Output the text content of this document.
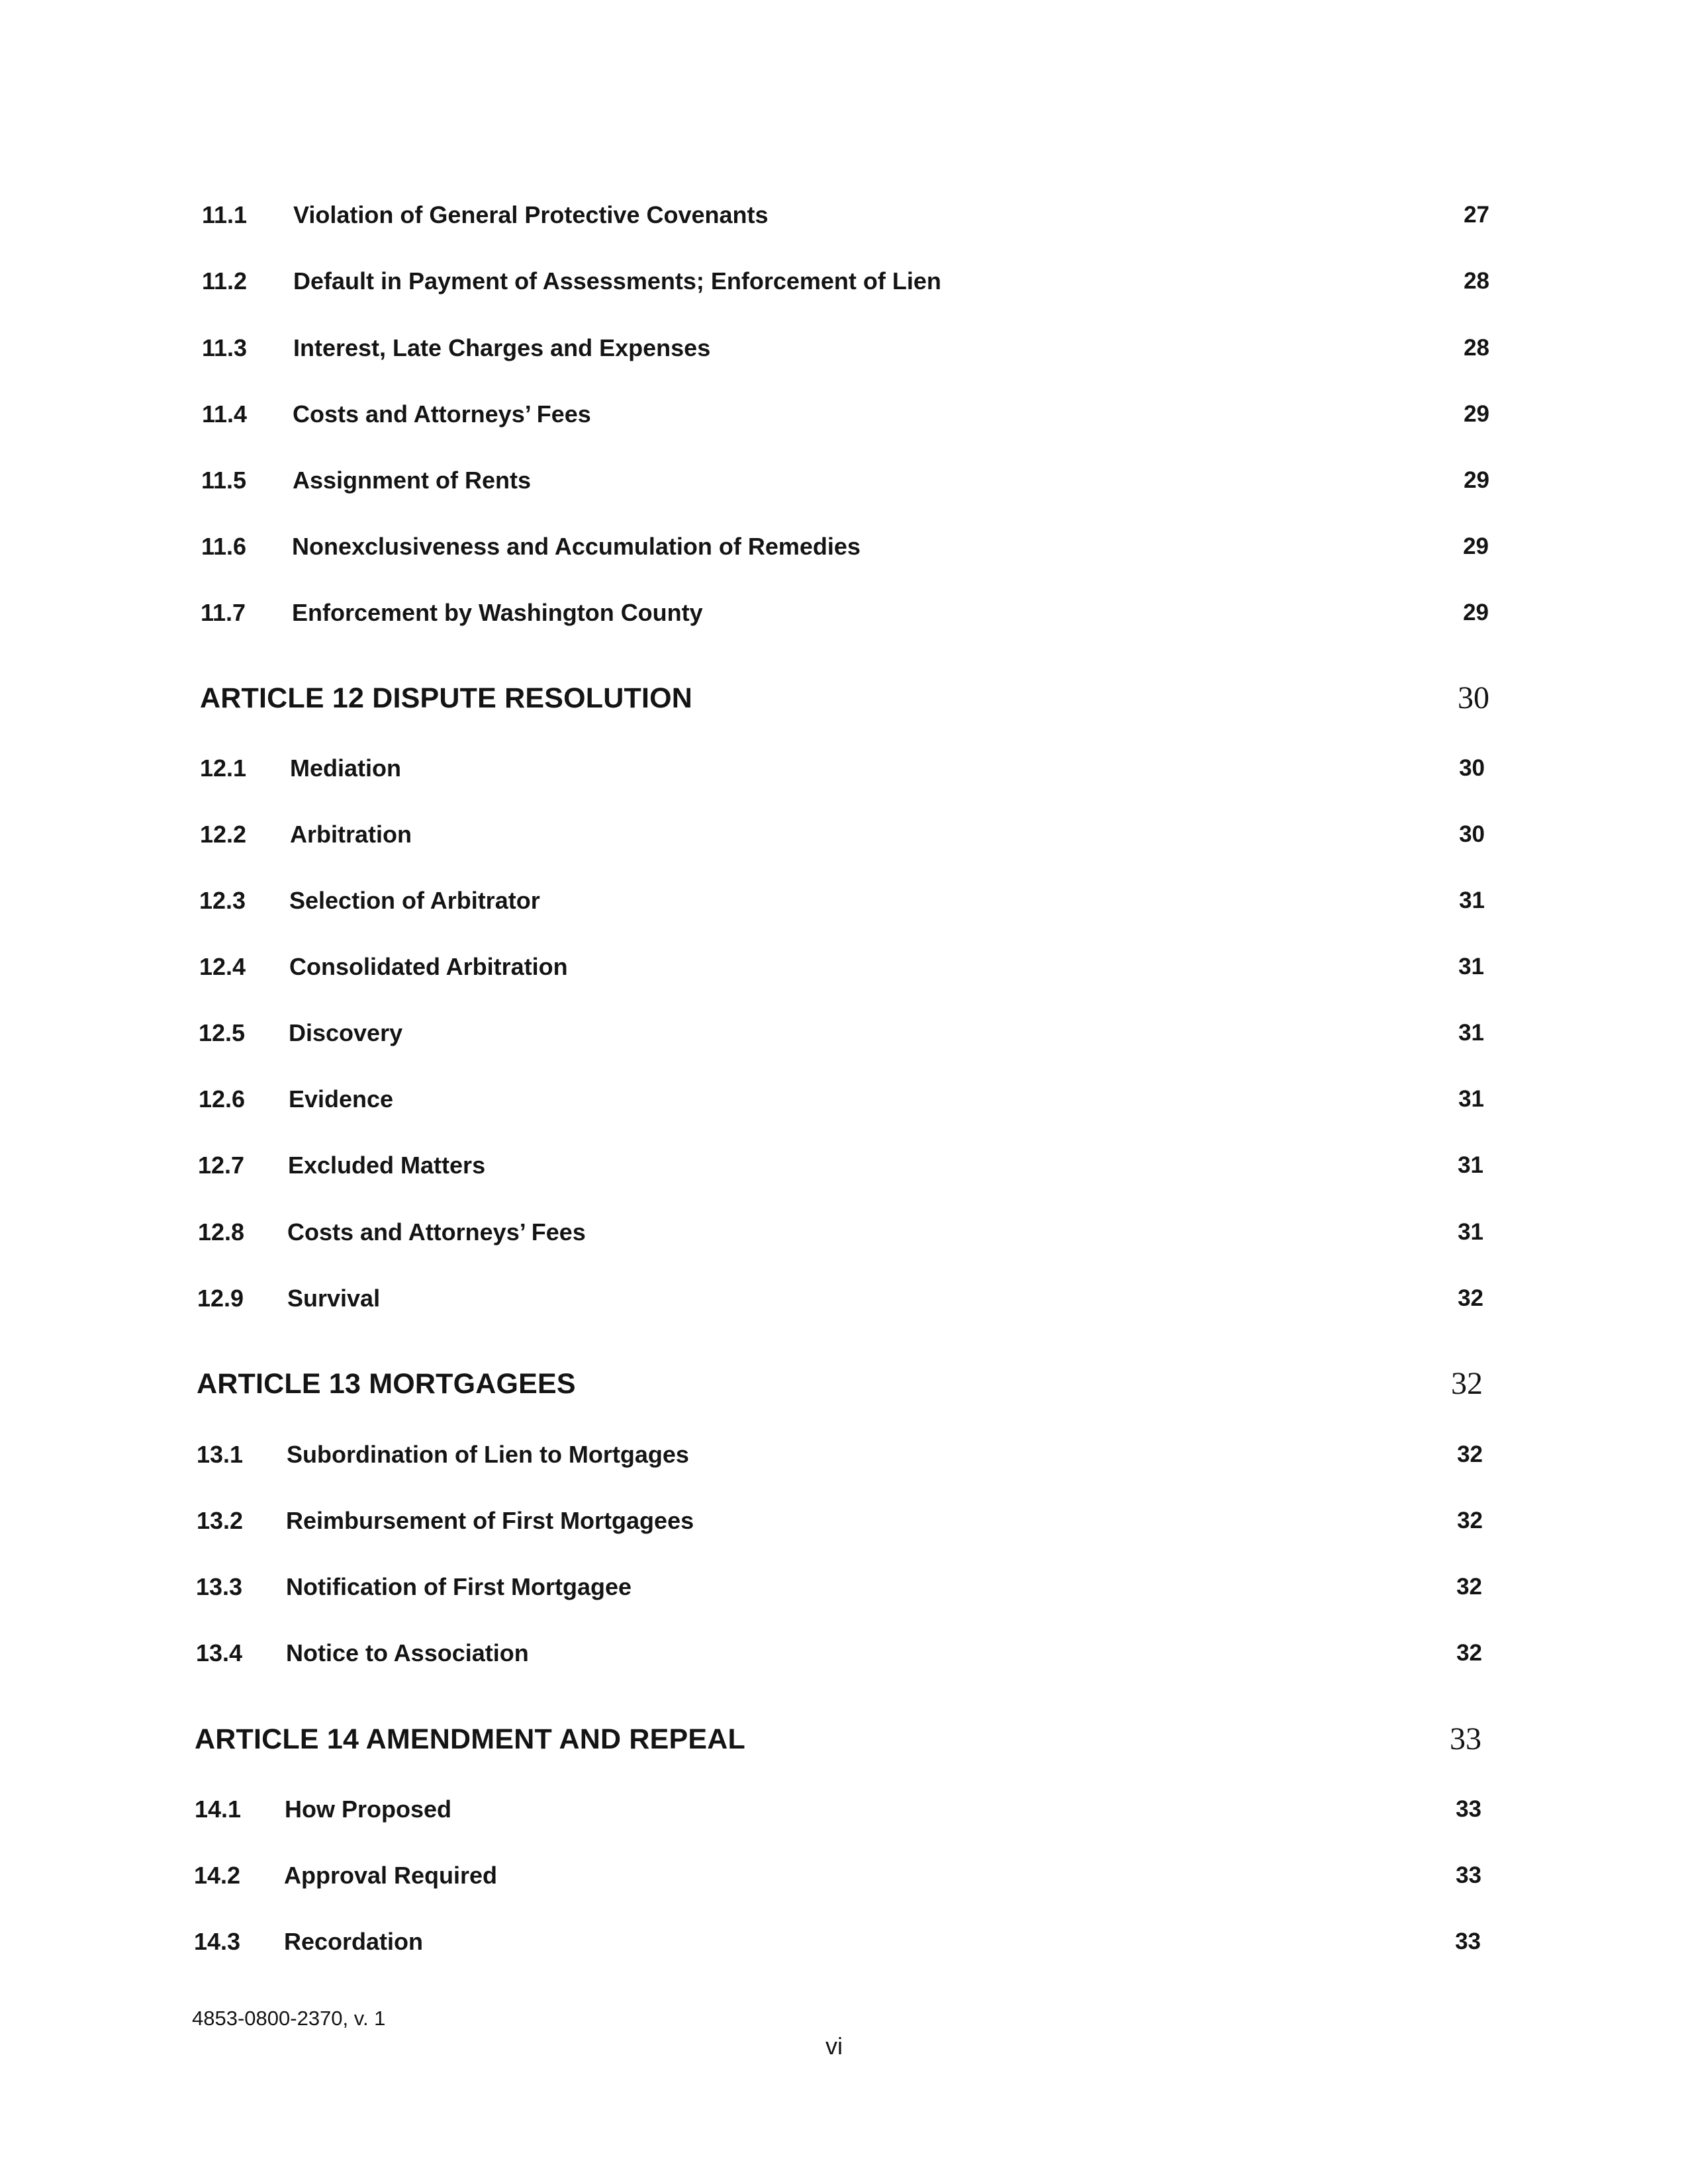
11.1 Violation of General Protective Covenants	27
11.2 Default in Payment of Assessments; Enforcement of Lien	28
11.3 Interest, Late Charges and Expenses	28
11.4 Costs and Attorneys’ Fees	29
11.5 Assignment of Rents	29
11.6 Nonexclusiveness and Accumulation of Remedies	29
11.7 Enforcement by Washington County	29
ARTICLE 12 DISPUTE RESOLUTION	30
12.1 Mediation	30
12.2 Arbitration	30
12.3 Selection of Arbitrator	31
12.4 Consolidated Arbitration	31
12.5 Discovery	31
12.6 Evidence	31
12.7 Excluded Matters	31
12.8 Costs and Attorneys’ Fees	31
12.9 Survival	32
ARTICLE 13 MORTGAGEES	32
13.1 Subordination of Lien to Mortgages	32
13.2 Reimbursement of First Mortgagees	32
13.3 Notification of First Mortgagee	32
13.4 Notice to Association	32
ARTICLE 14 AMENDMENT AND REPEAL	33
14.1 How Proposed	33
14.2 Approval Required	33
14.3 Recordation	33
4853-0800-2370, v. 1
vi
